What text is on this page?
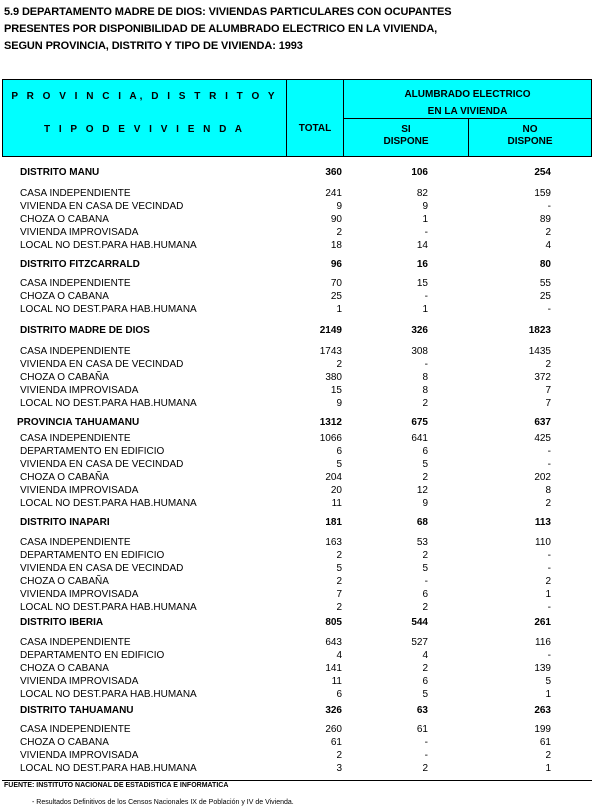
5.9 DEPARTAMENTO MADRE DE DIOS: VIVIENDAS PARTICULARES CON OCUPANTES
PRESENTES POR DISPONIBILIDAD DE ALUMBRADO ELECTRICO EN LA VIVIENDA,
SEGUN PROVINCIA, DISTRITO Y TIPO DE VIVIENDA: 1993
P R O V I N C I A, D I S T R I T O Y
T I P O D E V I V I E N D A	TOTAL
ALUMBRADO ELECTRICO
EN LA VIVIENDA
SI
DISPONE
NO
DISPONE
DISTRITO MANU	360	106	254
CASA INDEPENDIENTE	241	82	159
VIVIENDA EN CASA DE VECINDAD	9	9	-
CHOZA O CABANA	90	1	89
VIVIENDA IMPROVISADA	2	-	2
LOCAL NO DEST.PARA HAB.HUMANA	18	14	4
DISTRITO FITZCARRALD	96	16	80
CASA INDEPENDIENTE	70	15	55
CHOZA O CABANA	25	-	25
LOCAL NO DEST.PARA HAB.HUMANA	1	1	-
DISTRITO MADRE DE DIOS	2149	326	1823
CASA INDEPENDIENTE	1743	308	1435
VIVIENDA EN CASA DE VECINDAD	2	-	2
CHOZA O CABAÑA	380	8	372
VIVIENDA IMPROVISADA	15	8	7
LOCAL NO DEST.PARA HAB.HUMANA	9	2	7
PROVINCIA TAHUAMANU	1312	675	637
CASA INDEPENDIENTE	1066	641	425
DEPARTAMENTO EN EDIFICIO	6	6	-
VIVIENDA EN CASA DE VECINDAD	5	5	-
CHOZA O CABAÑA	204	2	202
VIVIENDA IMPROVISADA	20	12	8
LOCAL NO DEST.PARA HAB.HUMANA	11	9	2
DISTRITO INAPARI	181	68	113
CASA INDEPENDIENTE	163	53	110
DEPARTAMENTO EN EDIFICIO	2	2	-
VIVIENDA EN CASA DE VECINDAD	5	5	-
CHOZA O CABAÑA	2	-	2
VIVIENDA IMPROVISADA	7	6	1
LOCAL NO DEST.PARA HAB.HUMANA	2	2	-
DISTRITO IBERIA	805	544	261
CASA INDEPENDIENTE	643	527	116
DEPARTAMENTO EN EDIFICIO	4	4	-
CHOZA O CABANA	141	2	139
VIVIENDA IMPROVISADA	11	6	5
LOCAL NO DEST.PARA HAB.HUMANA	6	5	1
DISTRITO TAHUAMANU	326	63	263
CASA INDEPENDIENTE	260	61	199
CHOZA O CABANA	61	-	61
VIVIENDA IMPROVISADA	2	-	2
LOCAL NO DEST.PARA HAB.HUMANA	3	2	1
FUENTE: INSTITUTO NACIONAL DE ESTADISTICA E INFORMATICA
- Resultados Definitivos de los Censos Nacionales IX de Población y IV de Vivienda.
